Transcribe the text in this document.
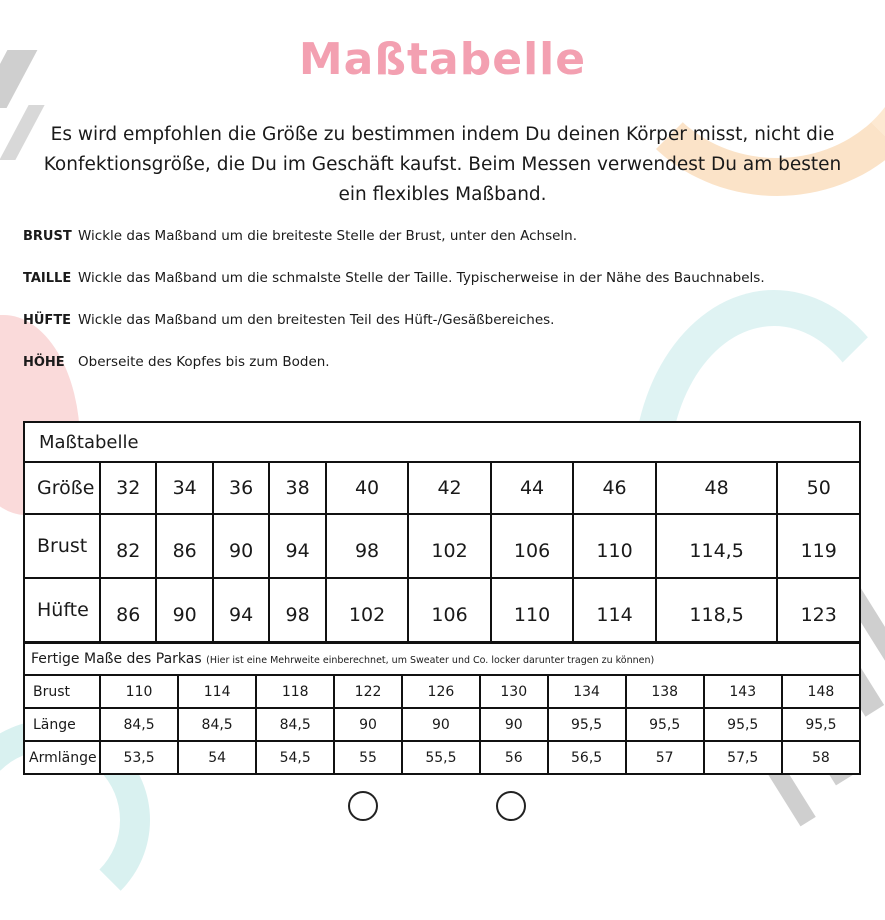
Maßtabelle

Es wird empfohlen die Größe zu bestimmen indem Du deinen Körper misst, nicht die Konfektionsgröße, die Du im Geschäft kaufst. Beim Messen verwendest Du am besten ein flexibles Maßband.

BRUST Wickle das Maßband um die breiteste Stelle der Brust, unter den Achseln.
TAILLE Wickle das Maßband um die schmalste Stelle der Taille. Typischerweise in der Nähe des Bauchnabels.
HÜFTE Wickle das Maßband um den breitesten Teil des Hüft-/Gesäßbereiches.
HÖHE Oberseite des Kopfes bis zum Boden.
Maßtabelle										
Größe	32	34	36	38	40	42	44	46	48	50
Brust	82	86	90	94	98	102	106	110	114,5	119
Hüfte	86	90	94	98	102	106	110	114	118,5	123
Fertige Maße des Parkas (Hier ist eine Mehrweite einberechnet, um Sweater und Co. locker darunter tragen zu können)										
Brust	110	114	118	122	126	130	134	138	143	148
Länge	84,5	84,5	84,5	90	90	90	95,5	95,5	95,5	95,5
Armlänge	53,5	54	54,5	55	55,5	56	56,5	57	57,5	58
